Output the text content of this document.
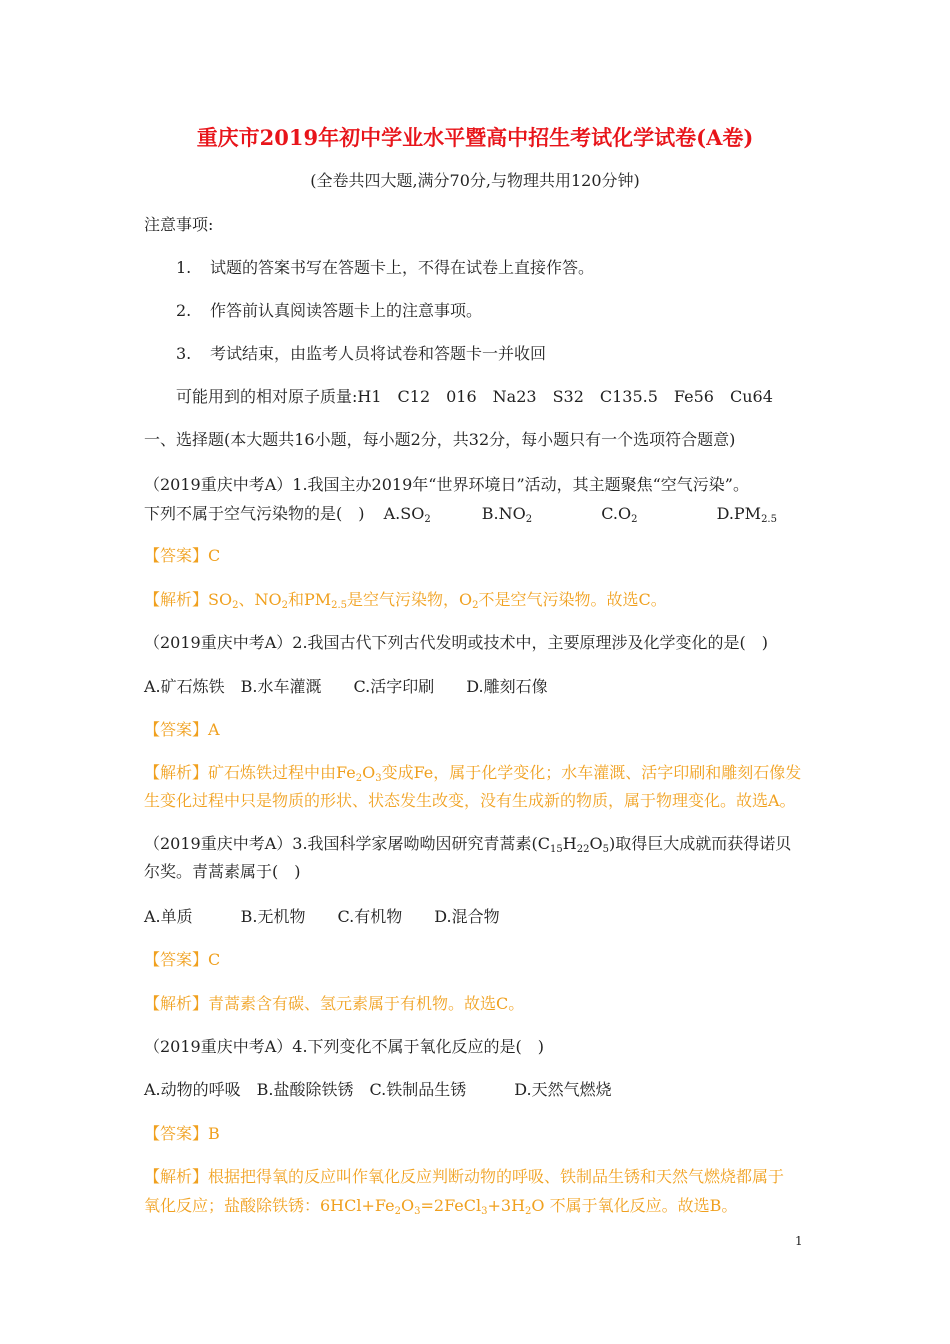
重庆市2019年初中学业水平暨高中招生考试化学试卷(A卷)
(全卷共四大题,满分70分,与物理共用120分钟)
注意事项:
1. 试题的答案书写在答题卡上，不得在试卷上直接作答。
2. 作答前认真阅读答题卡上的注意事项。
3. 考试结束，由监考人员将试卷和答题卡一并收回
可能用到的相对原子质量:H1　C12　016　Na23　S32　C135.5　Fe56　Cu64
一、选择题(本大题共16小题，每小题2分，共32分，每小题只有一个选项符合题意)
（2019重庆中考A）1.我国主办2019年“世界环境日”活动，其主题聚焦“空气污染”。
下列不属于空气污染物的是(　) $A.SO_2$	$B.NO_2$	$C.O_2$	$D.PM_{2.5}$
【答案】C
【解析】$SO_2$、$NO_2$和$PM_{2.5}$是空气污染物，$O_2$不是空气污染物。故选C。
（2019重庆中考A）2.我国古代下列古代发明或技术中，主要原理涉及化学变化的是(　)
A.矿石炼铁　B.水车灌溉　　C.活字印刷　　D.雕刻石像
【答案】A
【解析】矿石炼铁过程中由$Fe_2O_3$变成Fe，属于化学变化；水车灌溉、活字印刷和雕刻石像发
生变化过程中只是物质的形状、状态发生改变，没有生成新的物质，属于物理变化。故选A。
（2019重庆中考A）3.我国科学家屠呦呦因研究青蒿素$(C_{15}H_{22}O_5)$取得巨大成就而获得诺贝
尔奖。青蒿素属于(　)
A.单质　　　B.无机物　　C.有机物　　D.混合物
【答案】C
【解析】青蒿素含有碳、氢元素属于有机物。故选C。
（2019重庆中考A）4.下列变化不属于氧化反应的是(　)
A.动物的呼吸　B.盐酸除铁锈　C.铁制品生锈　　　D.天然气燃烧
【答案】B
【解析】根据把得氧的反应叫作氧化反应判断动物的呼吸、铁制品生锈和天然气燃烧都属于
氧化反应；盐酸除铁锈：$6HCl+Fe_2O_3=2FeCl_3+3H_2O$ 不属于氧化反应。故选B。
1
